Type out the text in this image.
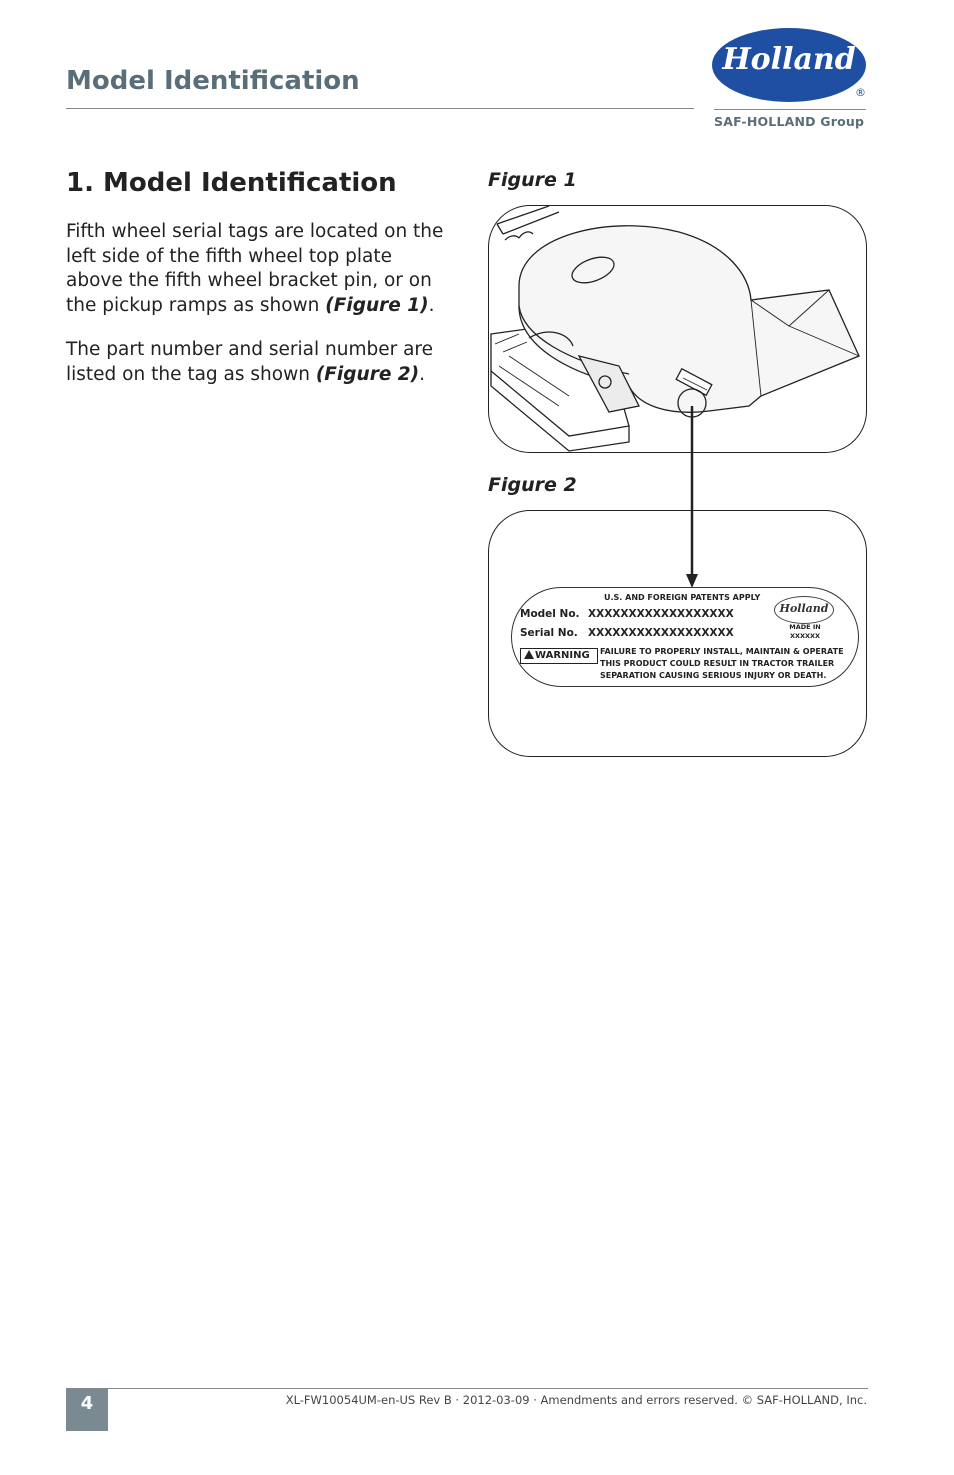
Model Identification
Holland
®
SAF-HOLLAND Group
1. Model Identification
Fifth wheel serial tags are located on the left side of the fifth wheel top plate above the fifth wheel bracket pin, or on the pickup ramps as shown (Figure 1).
The part number and serial number are listed on the tag as shown (Figure 2).
Figure 1
Figure 2
U.S. AND FOREIGN PATENTS APPLY
Model No. XXXXXXXXXXXXXXXXXX
Serial No. XXXXXXXXXXXXXXXXXX
Holland
MADE IN
XXXXXX
WARNING	FAILURE TO PROPERLY INSTALL, MAINTAIN & OPERATE
THIS PRODUCT COULD RESULT IN TRACTOR TRAILER
SEPARATION CAUSING SERIOUS INJURY OR DEATH.
4	XL-FW10054UM-en-US Rev B · 2012-03-09 · Amendments and errors reserved. © SAF-HOLLAND, Inc.
